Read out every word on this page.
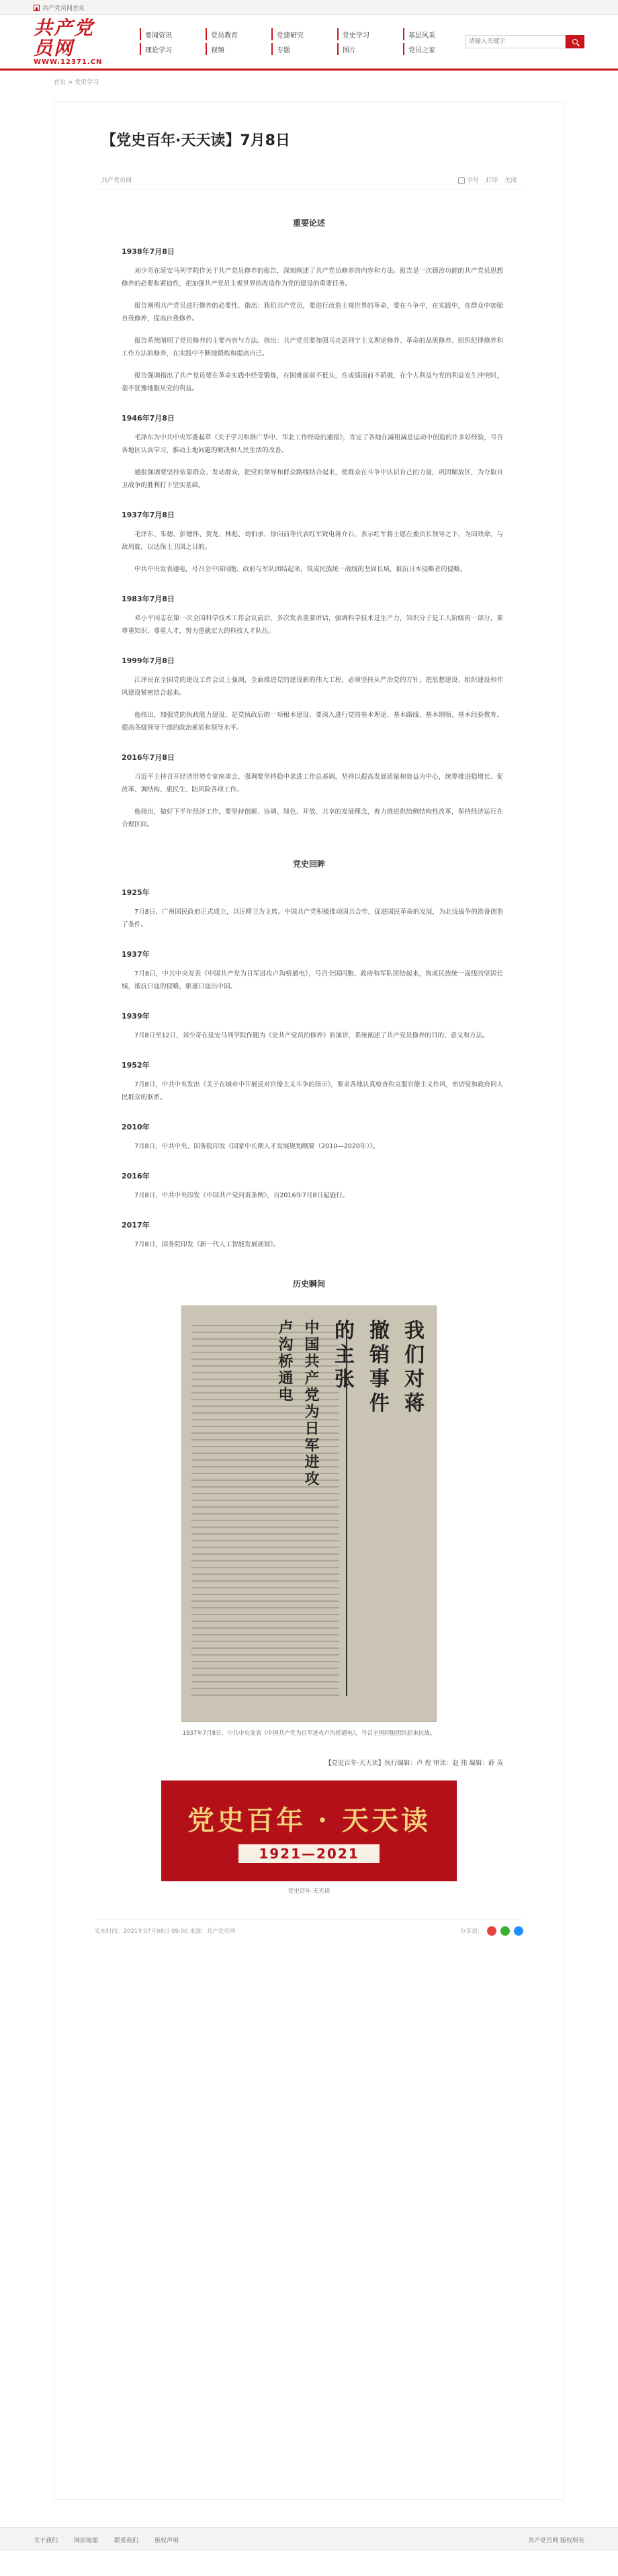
共产党员网首页
共产党员网
WWW.12371.CN
要闻资讯	党员教育	党建研究	党史学习	基层风采
理论学习	视频	专题	图片	党员之家
请输入关键字
首页 > 党史学习
【党史百年·天天读】7月8日
共产党员网	字号 打印 关闭
重要论述
1938年7月8日

刘少奇在延安马列学院作关于共产党员修养的报告，深刻阐述了共产党员修养的内容和方法。报告是一次德治功能的共产党员思想修养的必要和紧迫性，把加强共产党员主观世界的改造作为党的建设的重要任务。

报告阐明共产党员进行修养的必要性，指出：我们共产党员，要进行改造主观世界的革命，要在斗争中，在实践中，在群众中加强自我修养，提高自我修养。

报告系统阐明了党员修养的主要内容与方法。指出：共产党员要加强马克思列宁主义理论修养、革命的品质修养、组织纪律修养和工作方法的修养，在实践中不断地锻炼和提高自己。

报告强调指出了共产党员要在革命实践中经受锻炼，在困难面前不低头，在成绩面前不骄傲，在个人利益与党的利益发生冲突时，毫不犹豫地服从党的利益。

1946年7月8日

毛泽东为中共中央军委起草《关于学习和推广华中、华北工作经验的通报》，肯定了各地在减租减息运动中创造的许多好经验，号召各地区认真学习，推动土地问题的解决和人民生活的改善。

通报强调要坚持依靠群众、发动群众，把党的领导和群众路线结合起来，使群众在斗争中认识自己的力量，巩固解放区，为夺取自卫战争的胜利打下坚实基础。

1937年7月8日

毛泽东、朱德、彭德怀、贺龙、林彪、刘伯承、徐向前等代表红军致电蒋介石，表示红军将士愿在委员长领导之下，为国效命，与敌周旋，以达保土卫国之目的。

中共中央发表通电，号召全中国同胞、政府与军队团结起来，筑成民族统一战线的坚固长城，抵抗日本侵略者的侵略。

1983年7月8日

邓小平同志在第一次全国科学技术工作会议前后，多次发表重要讲话，强调科学技术是生产力，知识分子是工人阶级的一部分，要尊重知识，尊重人才，努力造就宏大的科技人才队伍。

1999年7月8日

江泽民在全国党的建设工作会议上强调，全面推进党的建设新的伟大工程，必须坚持从严治党的方针，把思想建设、组织建设和作风建设紧密结合起来。

他指出，加强党的执政能力建设，是党执政后的一项根本建设。要深入进行党的基本理论、基本路线、基本纲领、基本经验教育，提高各级领导干部的政治素质和领导水平。

2016年7月8日

习近平主持召开经济形势专家座谈会，强调要坚持稳中求进工作总基调，坚持以提高发展质量和效益为中心，统筹推进稳增长、促改革、调结构、惠民生、防风险各项工作。

他指出，做好下半年经济工作，要坚持创新、协调、绿色、开放、共享的发展理念，着力推进供给侧结构性改革，保持经济运行在合理区间。

党史回眸
1925年

7月8日，广州国民政府正式成立，以汪精卫为主席。中国共产党积极推动国共合作，促进国民革命的发展，为北伐战争的准备创造了条件。

1937年

7月8日，中共中央发表《中国共产党为日军进攻卢沟桥通电》，号召全国同胞、政府和军队团结起来，筑成民族统一战线的坚固长城，抵抗日寇的侵略，驱逐日寇出中国。

1939年

7月8日至12日，刘少奇在延安马列学院作题为《论共产党员的修养》的演讲，系统阐述了共产党员修养的目的、意义和方法。

1952年

7月8日，中共中央发出《关于在城市中开展反对官僚主义斗争的指示》，要求各地认真检查和克服官僚主义作风，密切党和政府同人民群众的联系。

2010年

7月8日，中共中央、国务院印发《国家中长期人才发展规划纲要（2010—2020年）》。

2016年

7月8日，中共中央印发《中国共产党问责条例》，自2016年7月8日起施行。

2017年

7月8日，国务院印发《新一代人工智能发展规划》。

历史瞬间
我们对蒋
撤销事件
的主张
中国共产党为日军进攻
卢沟桥通电
1937年7月8日，中共中央发表《中国共产党为日军进攻卢沟桥通电》，号召全国同胞团结起来抗战。
【党史百年·天天读】执行编辑：卢 煜 审读：赵 伟 编辑：薛 英
党史百年 · 天天读
1921—2021
党史百年·天天读
发布时间：2021年07月08日 09:00 来源：共产党员网	分享到：
关于我们	网站地图	联系我们	版权声明	共产党员网 版权所有
